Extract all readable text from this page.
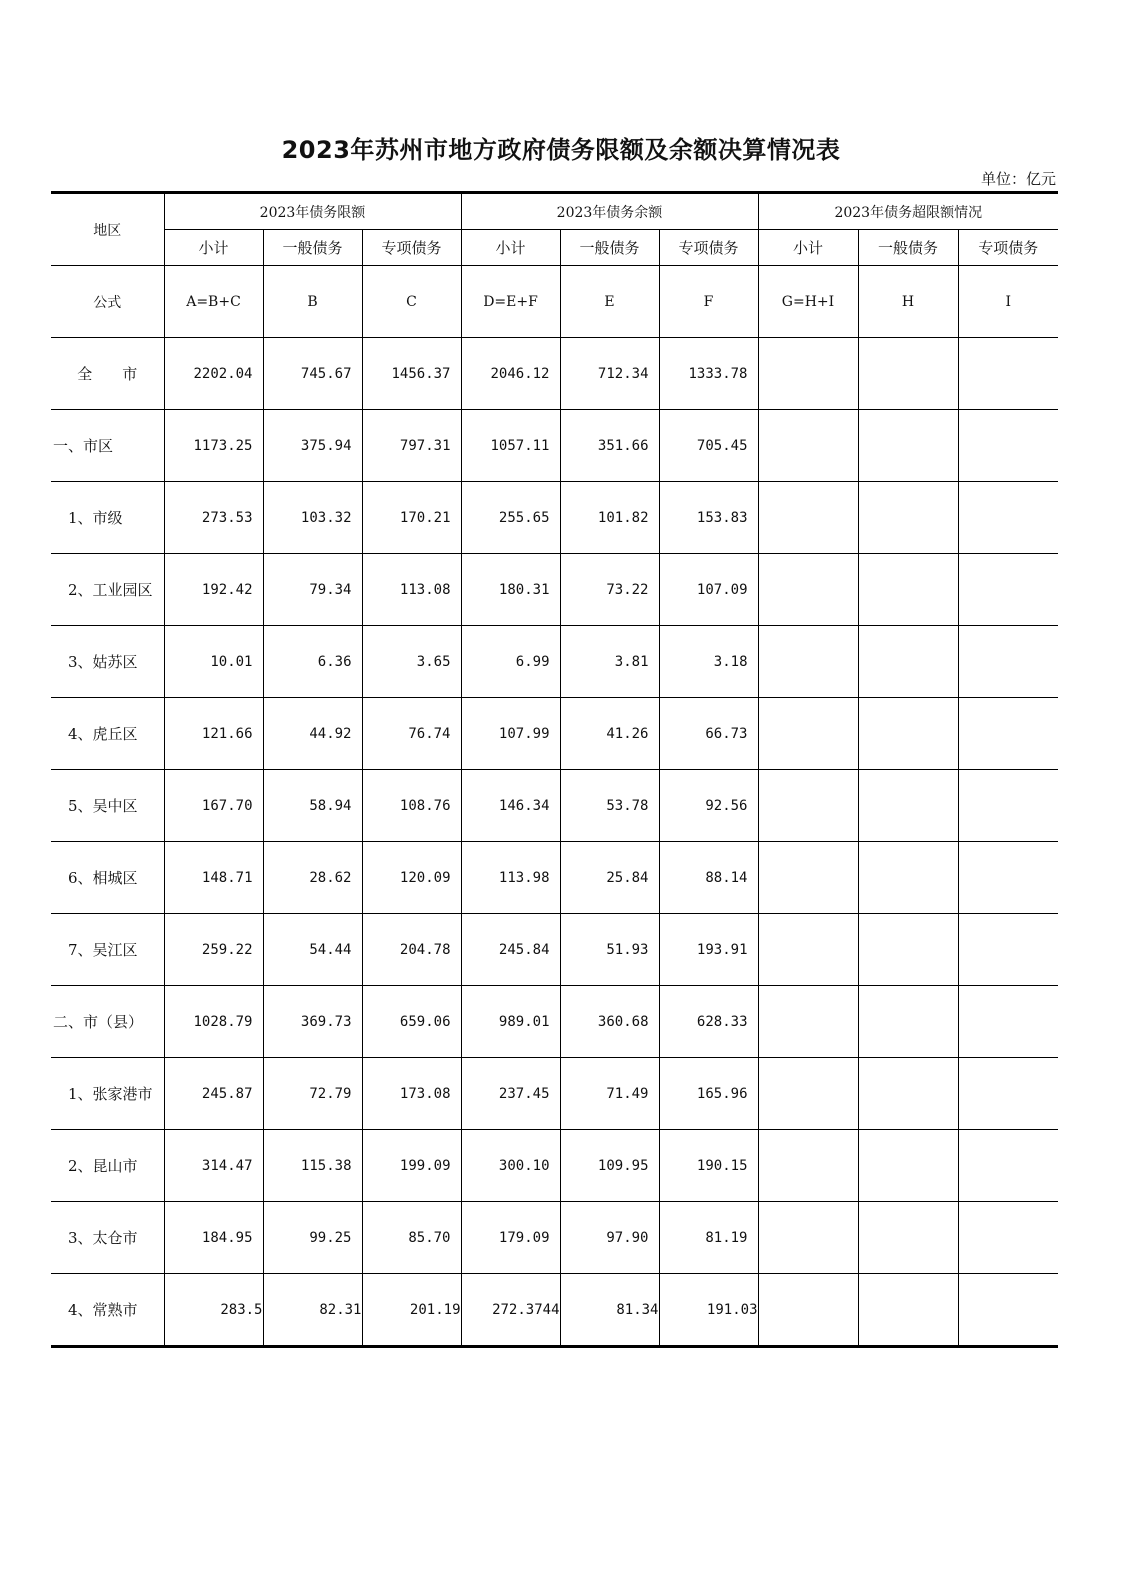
2023年苏州市地方政府债务限额及余额决算情况表
单位：亿元
地区	2023年债务限额			2023年债务余额			2023年债务超限额情况		
	小计	一般债务	专项债务	小计	一般债务	专项债务	小计	一般债务	专项债务
公式	A=B+C	B	C	D=E+F	E	F	G=H+I	H	I
全　　市	2202.04	745.67	1456.37	2046.12	712.34	1333.78			
一、市区	1173.25	375.94	797.31	1057.11	351.66	705.45			
　1、市级	273.53	103.32	170.21	255.65	101.82	153.83			
　2、工业园区	192.42	79.34	113.08	180.31	73.22	107.09			
　3、姑苏区	10.01	6.36	3.65	6.99	3.81	3.18			
　4、虎丘区	121.66	44.92	76.74	107.99	41.26	66.73			
　5、吴中区	167.70	58.94	108.76	146.34	53.78	92.56			
　6、相城区	148.71	28.62	120.09	113.98	25.84	88.14			
　7、吴江区	259.22	54.44	204.78	245.84	51.93	193.91			
二、市（县）	1028.79	369.73	659.06	989.01	360.68	628.33			
　1、张家港市	245.87	72.79	173.08	237.45	71.49	165.96			
　2、昆山市	314.47	115.38	199.09	300.10	109.95	190.15			
　3、太仓市	184.95	99.25	85.70	179.09	97.90	81.19			
　4、常熟市	283.5	82.31	201.19	272.3744	81.34	191.03			
